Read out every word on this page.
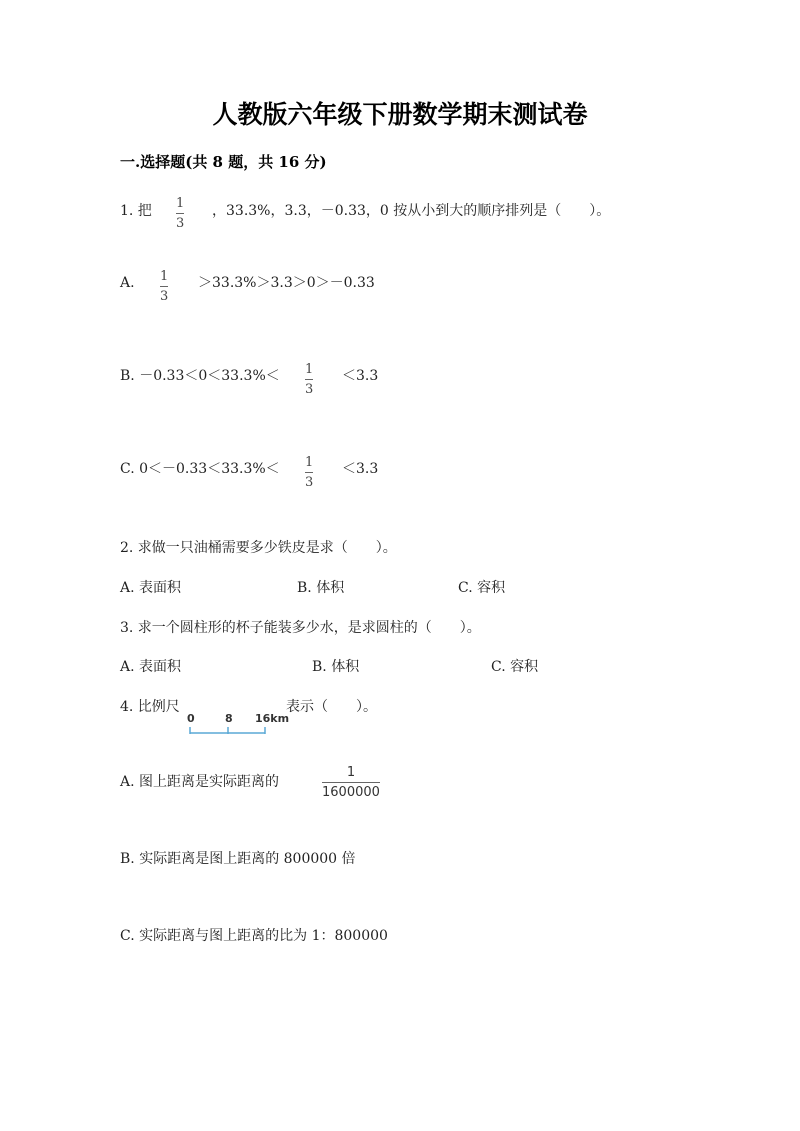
人教版六年级下册数学期末测试卷
一.选择题(共 8 题，共 16 分)
1. 把 1
3
，33.3%，3.3，－0.33，0 按从小到大的顺序排列是（　　）。
A. 1
3
＞33.3%＞3.3＞0＞－0.33
B. －0.33＜0＜33.3%＜ 1
3
＜3.3
C. 0＜－0.33＜33.3%＜ 1
3
＜3.3
2. 求做一只油桶需要多少铁皮是求（　　）。
A. 表面积	B. 体积	C. 容积
3. 求一个圆柱形的杯子能装多少水，是求圆柱的（　　）。
A. 表面积	B. 体积	C. 容积
4. 比例尺
0	8 16km
表示（　　）。
A. 图上距离是实际距离的
1
1600000
B. 实际距离是图上距离的 800000 倍
C. 实际距离与图上距离的比为 1：800000
